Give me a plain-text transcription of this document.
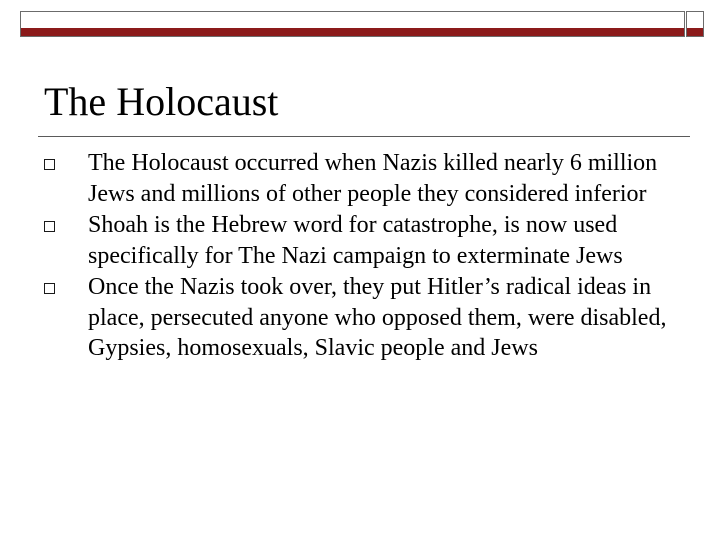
The Holocaust
The Holocaust occurred when Nazis killed nearly 6 million Jews and millions of other people they considered inferior
Shoah is the Hebrew word for catastrophe, is now used specifically for The Nazi campaign to exterminate Jews
Once the Nazis took over, they put Hitler’s radical ideas in place, persecuted anyone who opposed them, were disabled, Gypsies, homosexuals, Slavic people and Jews
